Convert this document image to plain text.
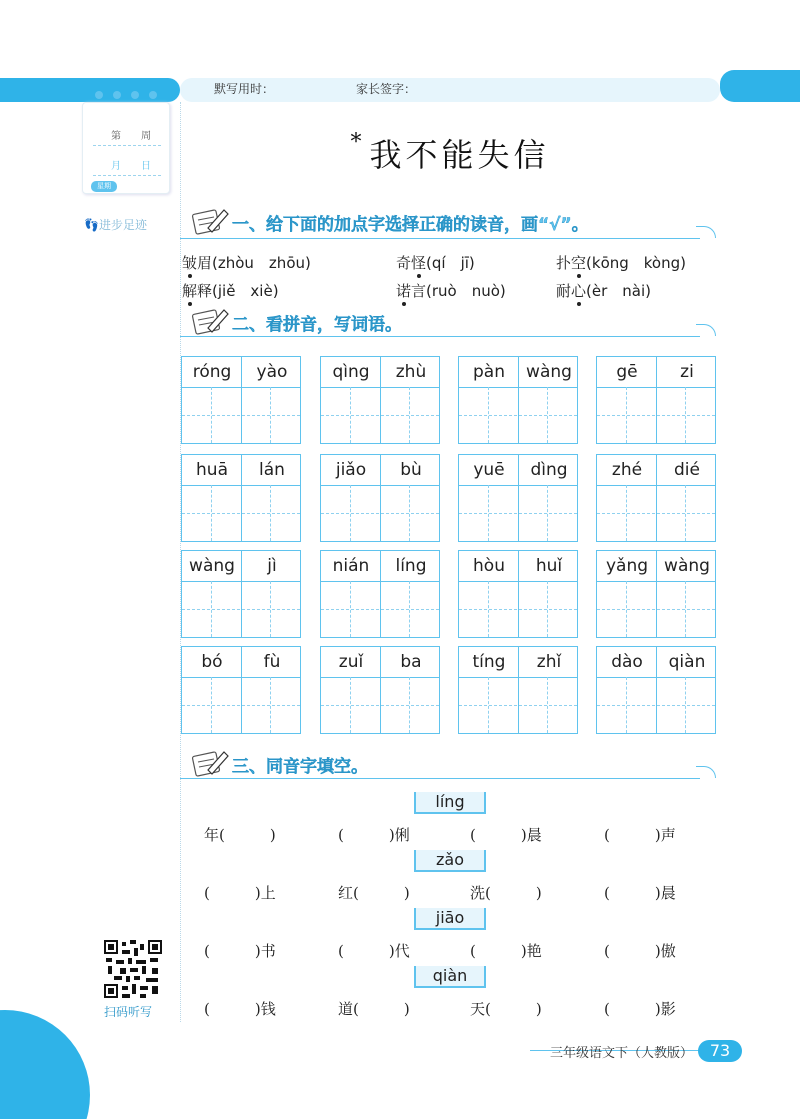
默写用时：	家长签字：
第　　周
月　　日
星期
👣进步足迹
* 我不能失信
一、给下面的加点字选择正确的读音，画“√”。
皱眉(zhòu　zhōu)	奇怪(qí　jī)	扑空(kōng　kòng)
解释(jiě　xiè)	诺言(ruò　nuò)	耐心(èr　nài)
二、看拼音，写词语。
róng	yào	qìng	zhù	pàn	wàng	gē	zi
huā	lán	jiǎo	bù	yuē	dìng	zhé	dié
wàng	jì	nián	líng	hòu	huǐ	yǎng wàng
bó	fù	zuǐ	ba	tíng	zhǐ	dào	qiàn
三、同音字填空。
líng
年(　　　)	(　　　)俐	(　　　)晨	(　　　)声
zǎo
(　　　)上	红(　　　)	洗(　　　)	(　　　)晨
jiāo
(　　　)书	(　　　)代	(　　　)艳	(　　　)傲
qiàn
(　　　)钱	道(　　　)	天(　　　)	(　　　)影
扫码听写
三年级语文下（人教版）	73
